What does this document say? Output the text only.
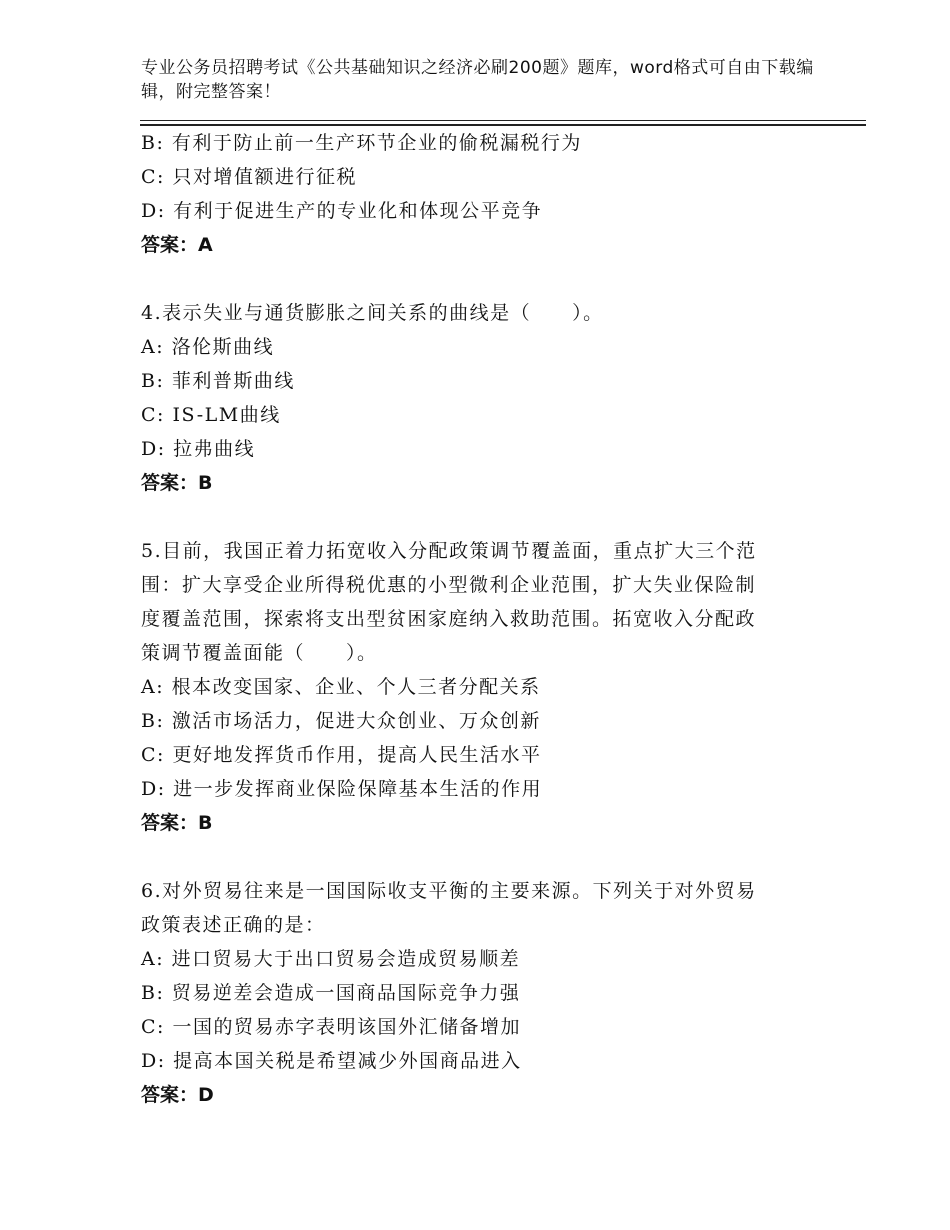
专业公务员招聘考试《公共基础知识之经济必刷200题》题库，word格式可自由下载编辑，附完整答案！
B: 有利于防止前一生产环节企业的偷税漏税行为
C: 只对增值额进行征税
D: 有利于促进生产的专业化和体现公平竞争
答案：A
4.表示失业与通货膨胀之间关系的曲线是（　　）。
A: 洛伦斯曲线
B: 菲利普斯曲线
C: IS-LM曲线
D: 拉弗曲线
答案：B
5.目前，我国正着力拓宽收入分配政策调节覆盖面，重点扩大三个范
围：扩大享受企业所得税优惠的小型微利企业范围，扩大失业保险制
度覆盖范围，探索将支出型贫困家庭纳入救助范围。拓宽收入分配政
策调节覆盖面能（　　）。
A: 根本改变国家、企业、个人三者分配关系
B: 激活市场活力，促进大众创业、万众创新
C: 更好地发挥货币作用，提高人民生活水平
D: 进一步发挥商业保险保障基本生活的作用
答案：B
6.对外贸易往来是一国国际收支平衡的主要来源。下列关于对外贸易
政策表述正确的是：
A: 进口贸易大于出口贸易会造成贸易顺差
B: 贸易逆差会造成一国商品国际竞争力强
C: 一国的贸易赤字表明该国外汇储备增加
D: 提高本国关税是希望减少外国商品进入
答案：D
